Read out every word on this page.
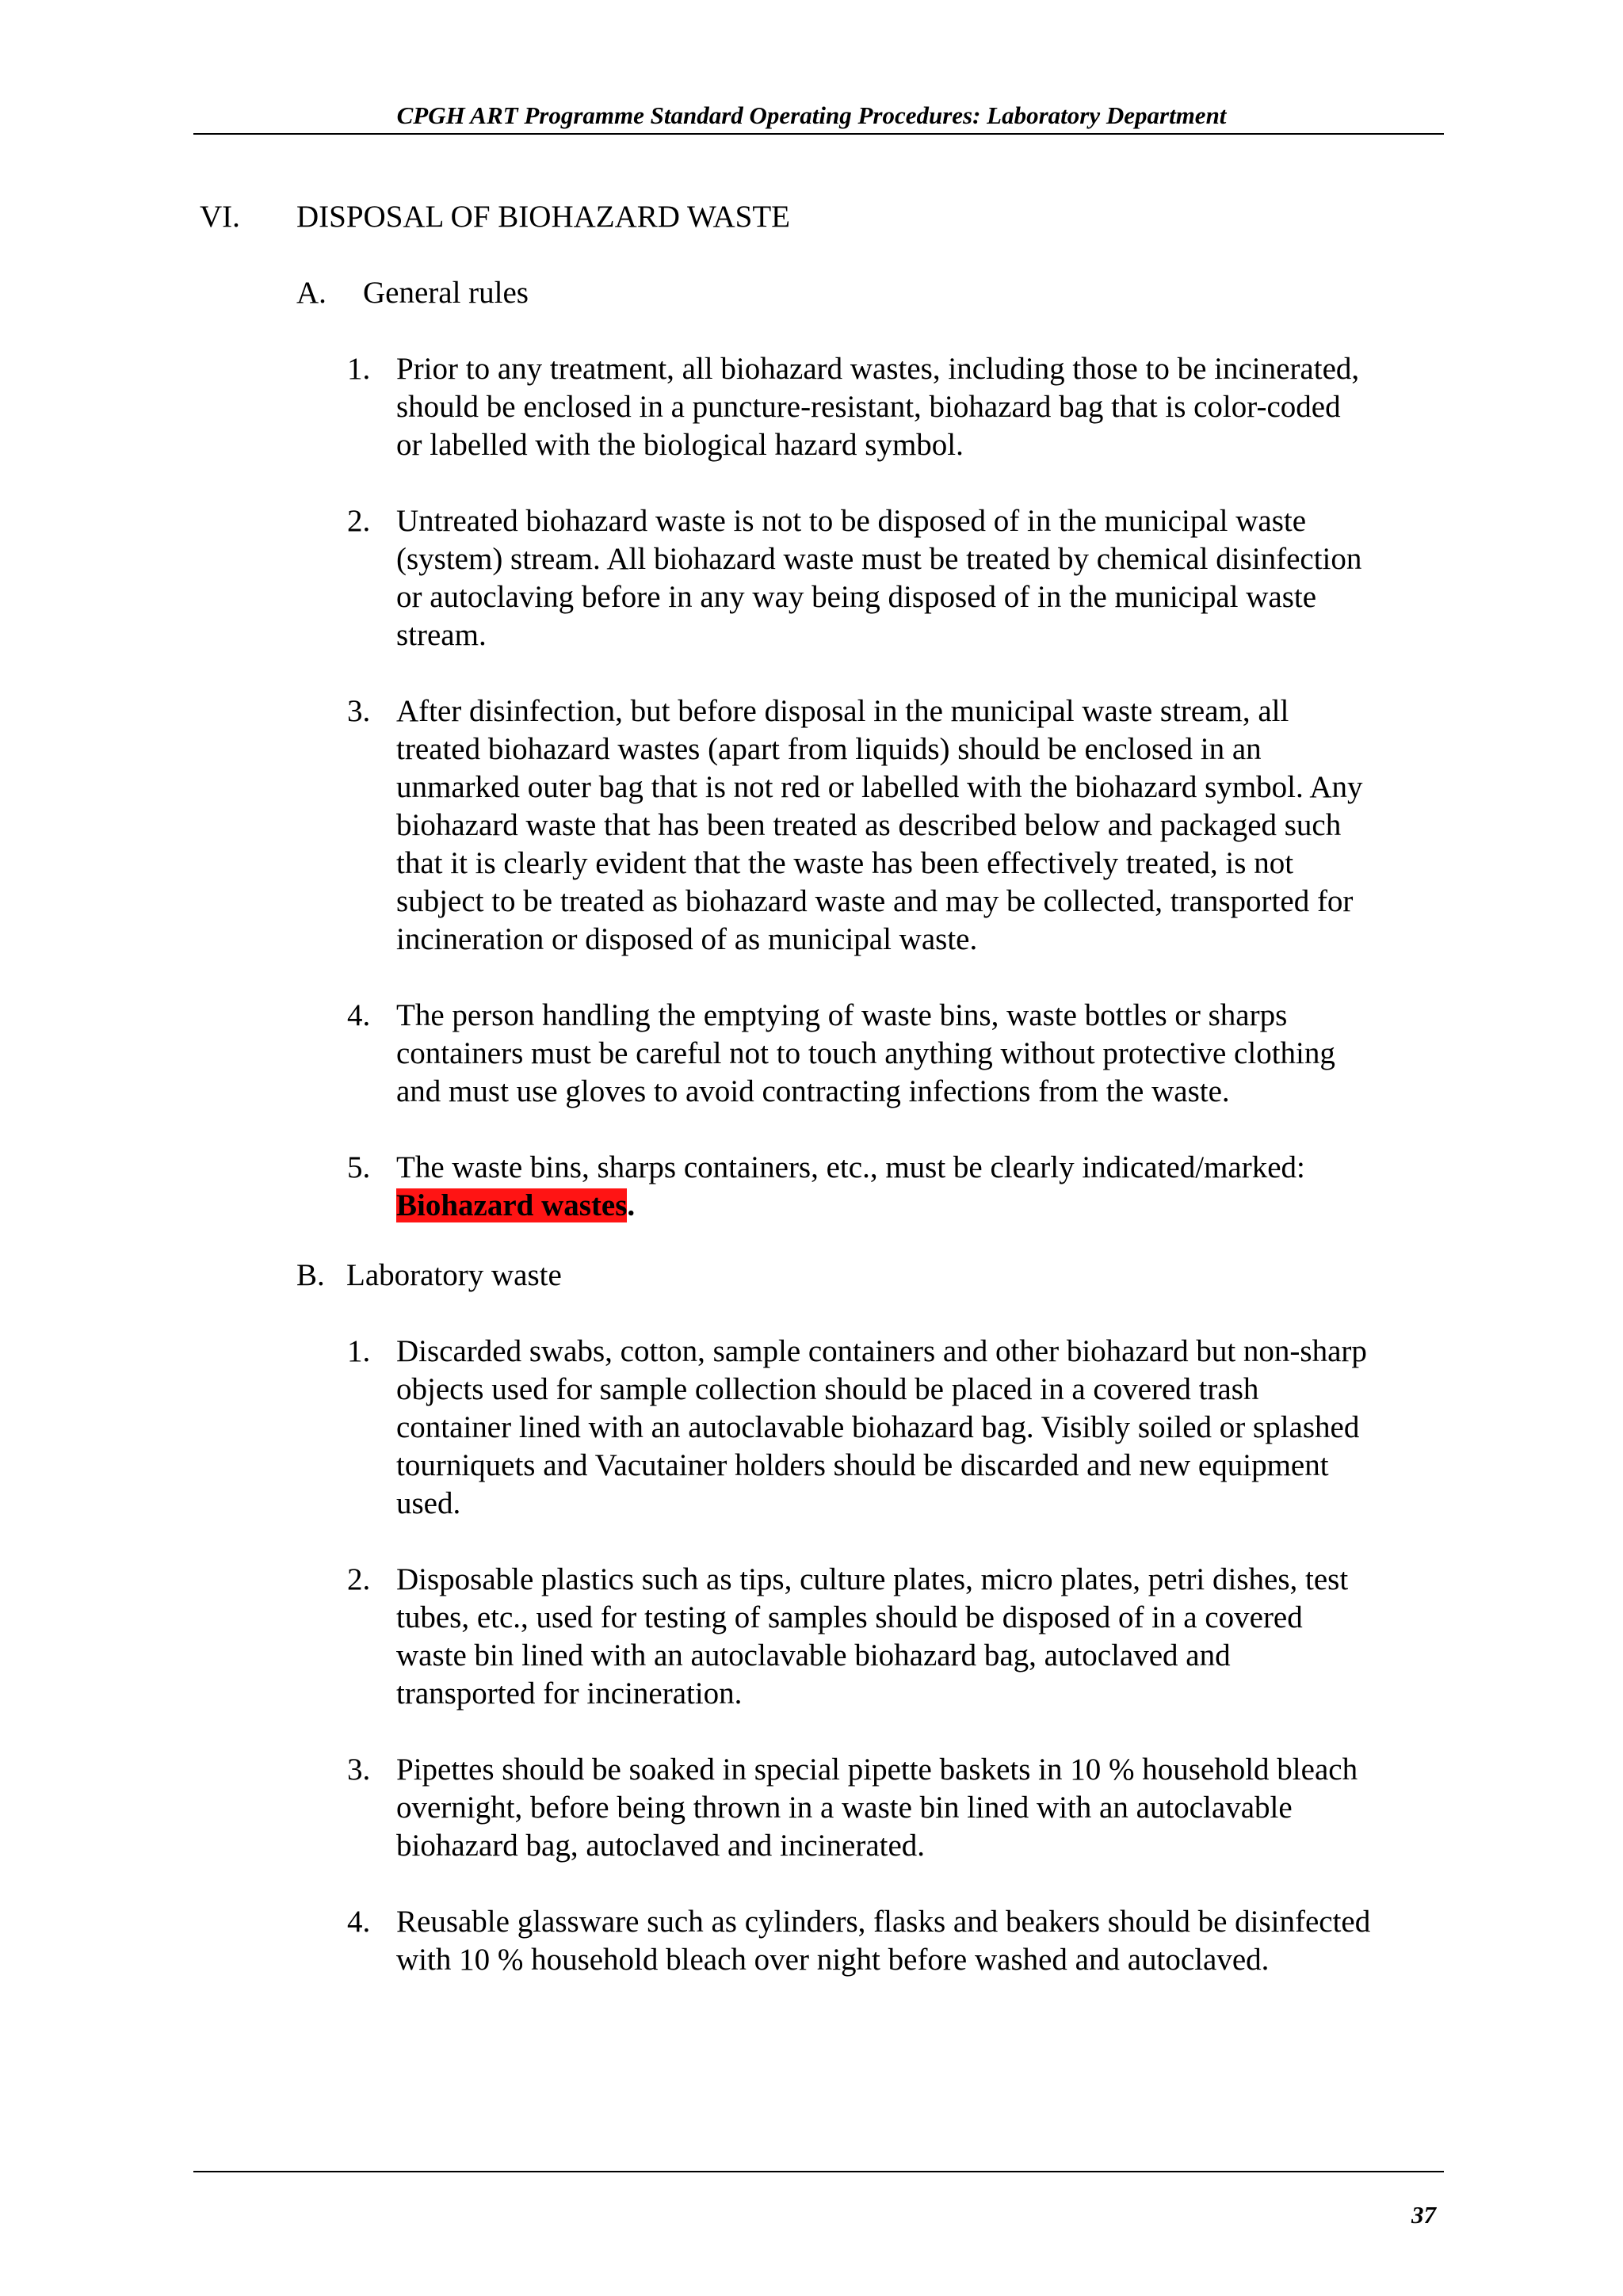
CPGH ART Programme Standard Operating Procedures: Laboratory Department
VI. DISPOSAL OF BIOHAZARD WASTE
A. General rules
1. Prior to any treatment, all biohazard wastes, including those to be incinerated,
should be enclosed in a puncture-resistant, biohazard bag that is color-coded
or labelled with the biological hazard symbol.
2. Untreated biohazard waste is not to be disposed of in the municipal waste
(system) stream. All biohazard waste must be treated by chemical disinfection
or autoclaving before in any way being disposed of in the municipal waste
stream.
3. After disinfection, but before disposal in the municipal waste stream, all
treated biohazard wastes (apart from liquids) should be enclosed in an
unmarked outer bag that is not red or labelled with the biohazard symbol. Any
biohazard waste that has been treated as described below and packaged such
that it is clearly evident that the waste has been effectively treated, is not
subject to be treated as biohazard waste and may be collected, transported for
incineration or disposed of as municipal waste.
4. The person handling the emptying of waste bins, waste bottles or sharps
containers must be careful not to touch anything without protective clothing
and must use gloves to avoid contracting infections from the waste.
5. The waste bins, sharps containers, etc., must be clearly indicated/marked:
Biohazard wastes.
B. Laboratory waste
1. Discarded swabs, cotton, sample containers and other biohazard but non-sharp
objects used for sample collection should be placed in a covered trash
container lined with an autoclavable biohazard bag. Visibly soiled or splashed
tourniquets and Vacutainer holders should be discarded and new equipment
used.
2. Disposable plastics such as tips, culture plates, micro plates, petri dishes, test
tubes, etc., used for testing of samples should be disposed of in a covered
waste bin lined with an autoclavable biohazard bag, autoclaved and
transported for incineration.
3. Pipettes should be soaked in special pipette baskets in 10 % household bleach
overnight, before being thrown in a waste bin lined with an autoclavable
biohazard bag, autoclaved and incinerated.
4. Reusable glassware such as cylinders, flasks and beakers should be disinfected
with 10 % household bleach over night before washed and autoclaved.
37
